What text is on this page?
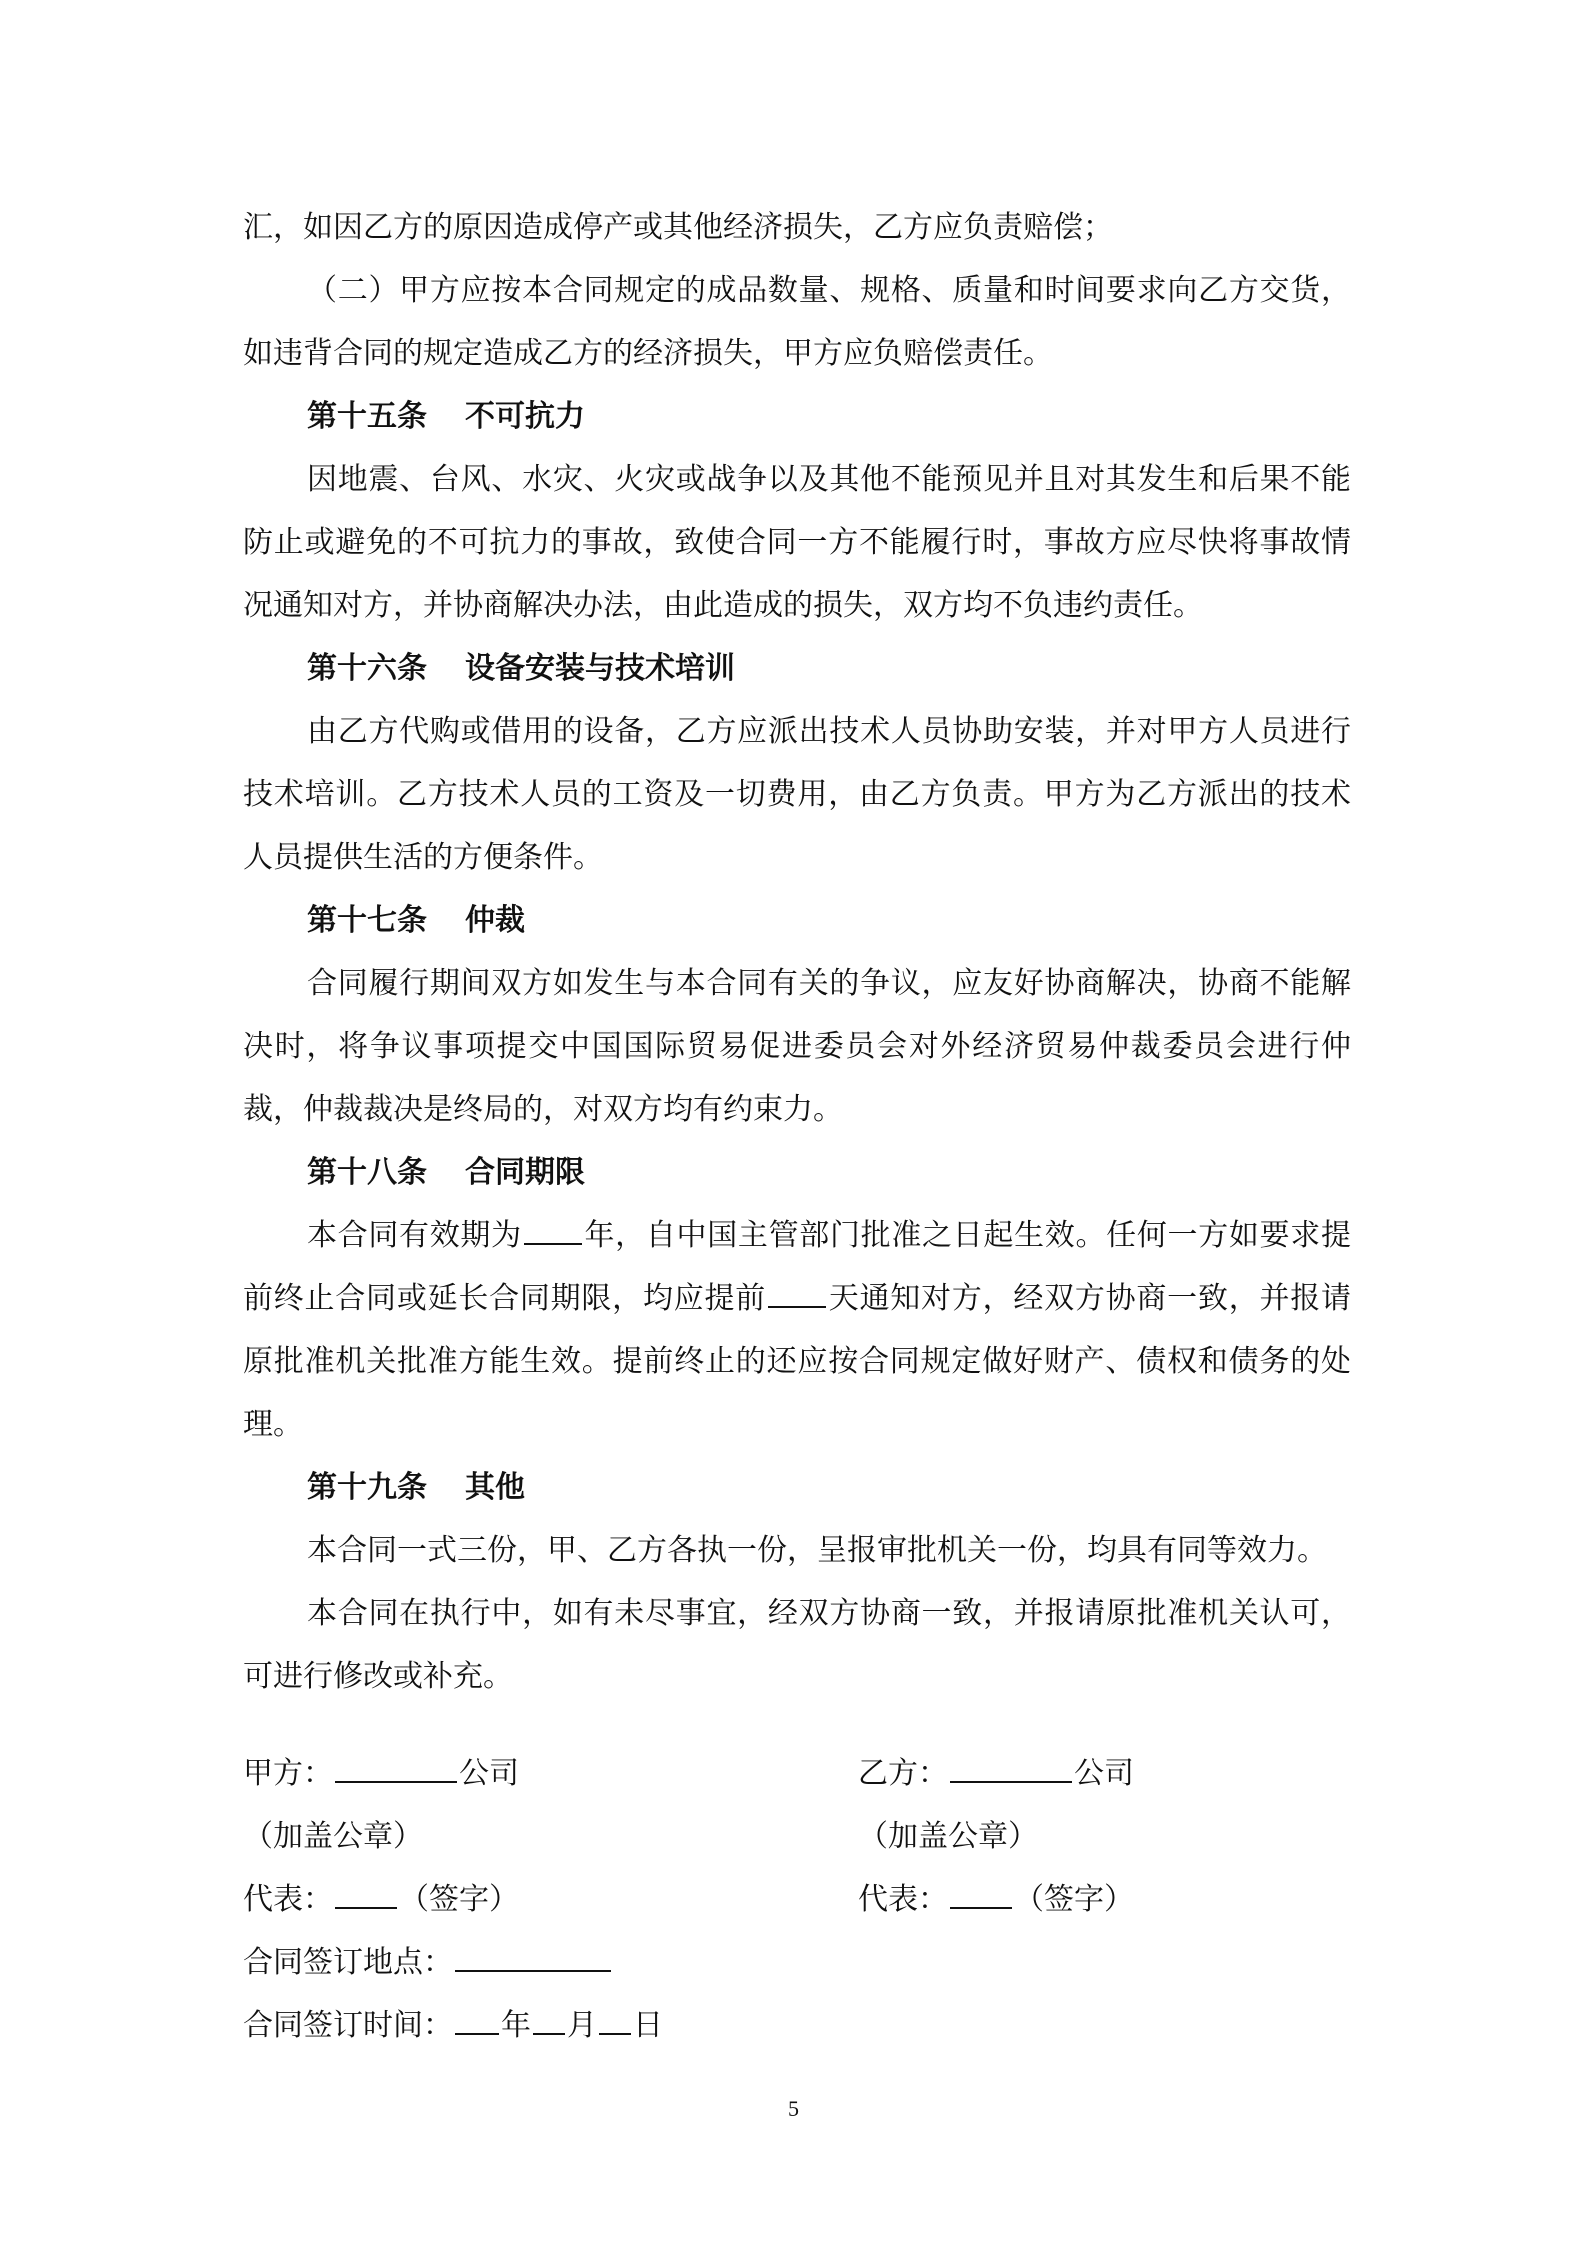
汇，如因乙方的原因造成停产或其他经济损失，乙方应负责赔偿；

（二）甲方应按本合同规定的成品数量、规格、质量和时间要求向乙方交货，如违背合同的规定造成乙方的经济损失，甲方应负赔偿责任。

第十五条 不可抗力

因地震、台风、水灾、火灾或战争以及其他不能预见并且对其发生和后果不能防止或避免的不可抗力的事故，致使合同一方不能履行时，事故方应尽快将事故情况通知对方，并协商解决办法，由此造成的损失，双方均不负违约责任。

第十六条 设备安装与技术培训

由乙方代购或借用的设备，乙方应派出技术人员协助安装，并对甲方人员进行技术培训。乙方技术人员的工资及一切费用，由乙方负责。甲方为乙方派出的技术人员提供生活的方便条件。

第十七条 仲裁

合同履行期间双方如发生与本合同有关的争议，应友好协商解决，协商不能解决时，将争议事项提交中国国际贸易促进委员会对外经济贸易仲裁委员会进行仲裁，仲裁裁决是终局的，对双方均有约束力。

第十八条 合同期限

本合同有效期为 年，自中国主管部门批准之日起生效。任何一方如要求提前终止合同或延长合同期限，均应提前 天通知对方，经双方协商一致，并报请原批准机关批准方能生效。提前终止的还应按合同规定做好财产、债权和债务的处理。

第十九条 其他

本合同一式三份，甲、乙方各执一份，呈报审批机关一份，均具有同等效力。

本合同在执行中，如有未尽事宜，经双方协商一致，并报请原批准机关认可，可进行修改或补充。

甲方：	公司	乙方：	公司
（加盖公章）	（加盖公章）
代表： （签字）	代表： （签字）
合同签订地点：
合同签订时间： 年 月 日
5
